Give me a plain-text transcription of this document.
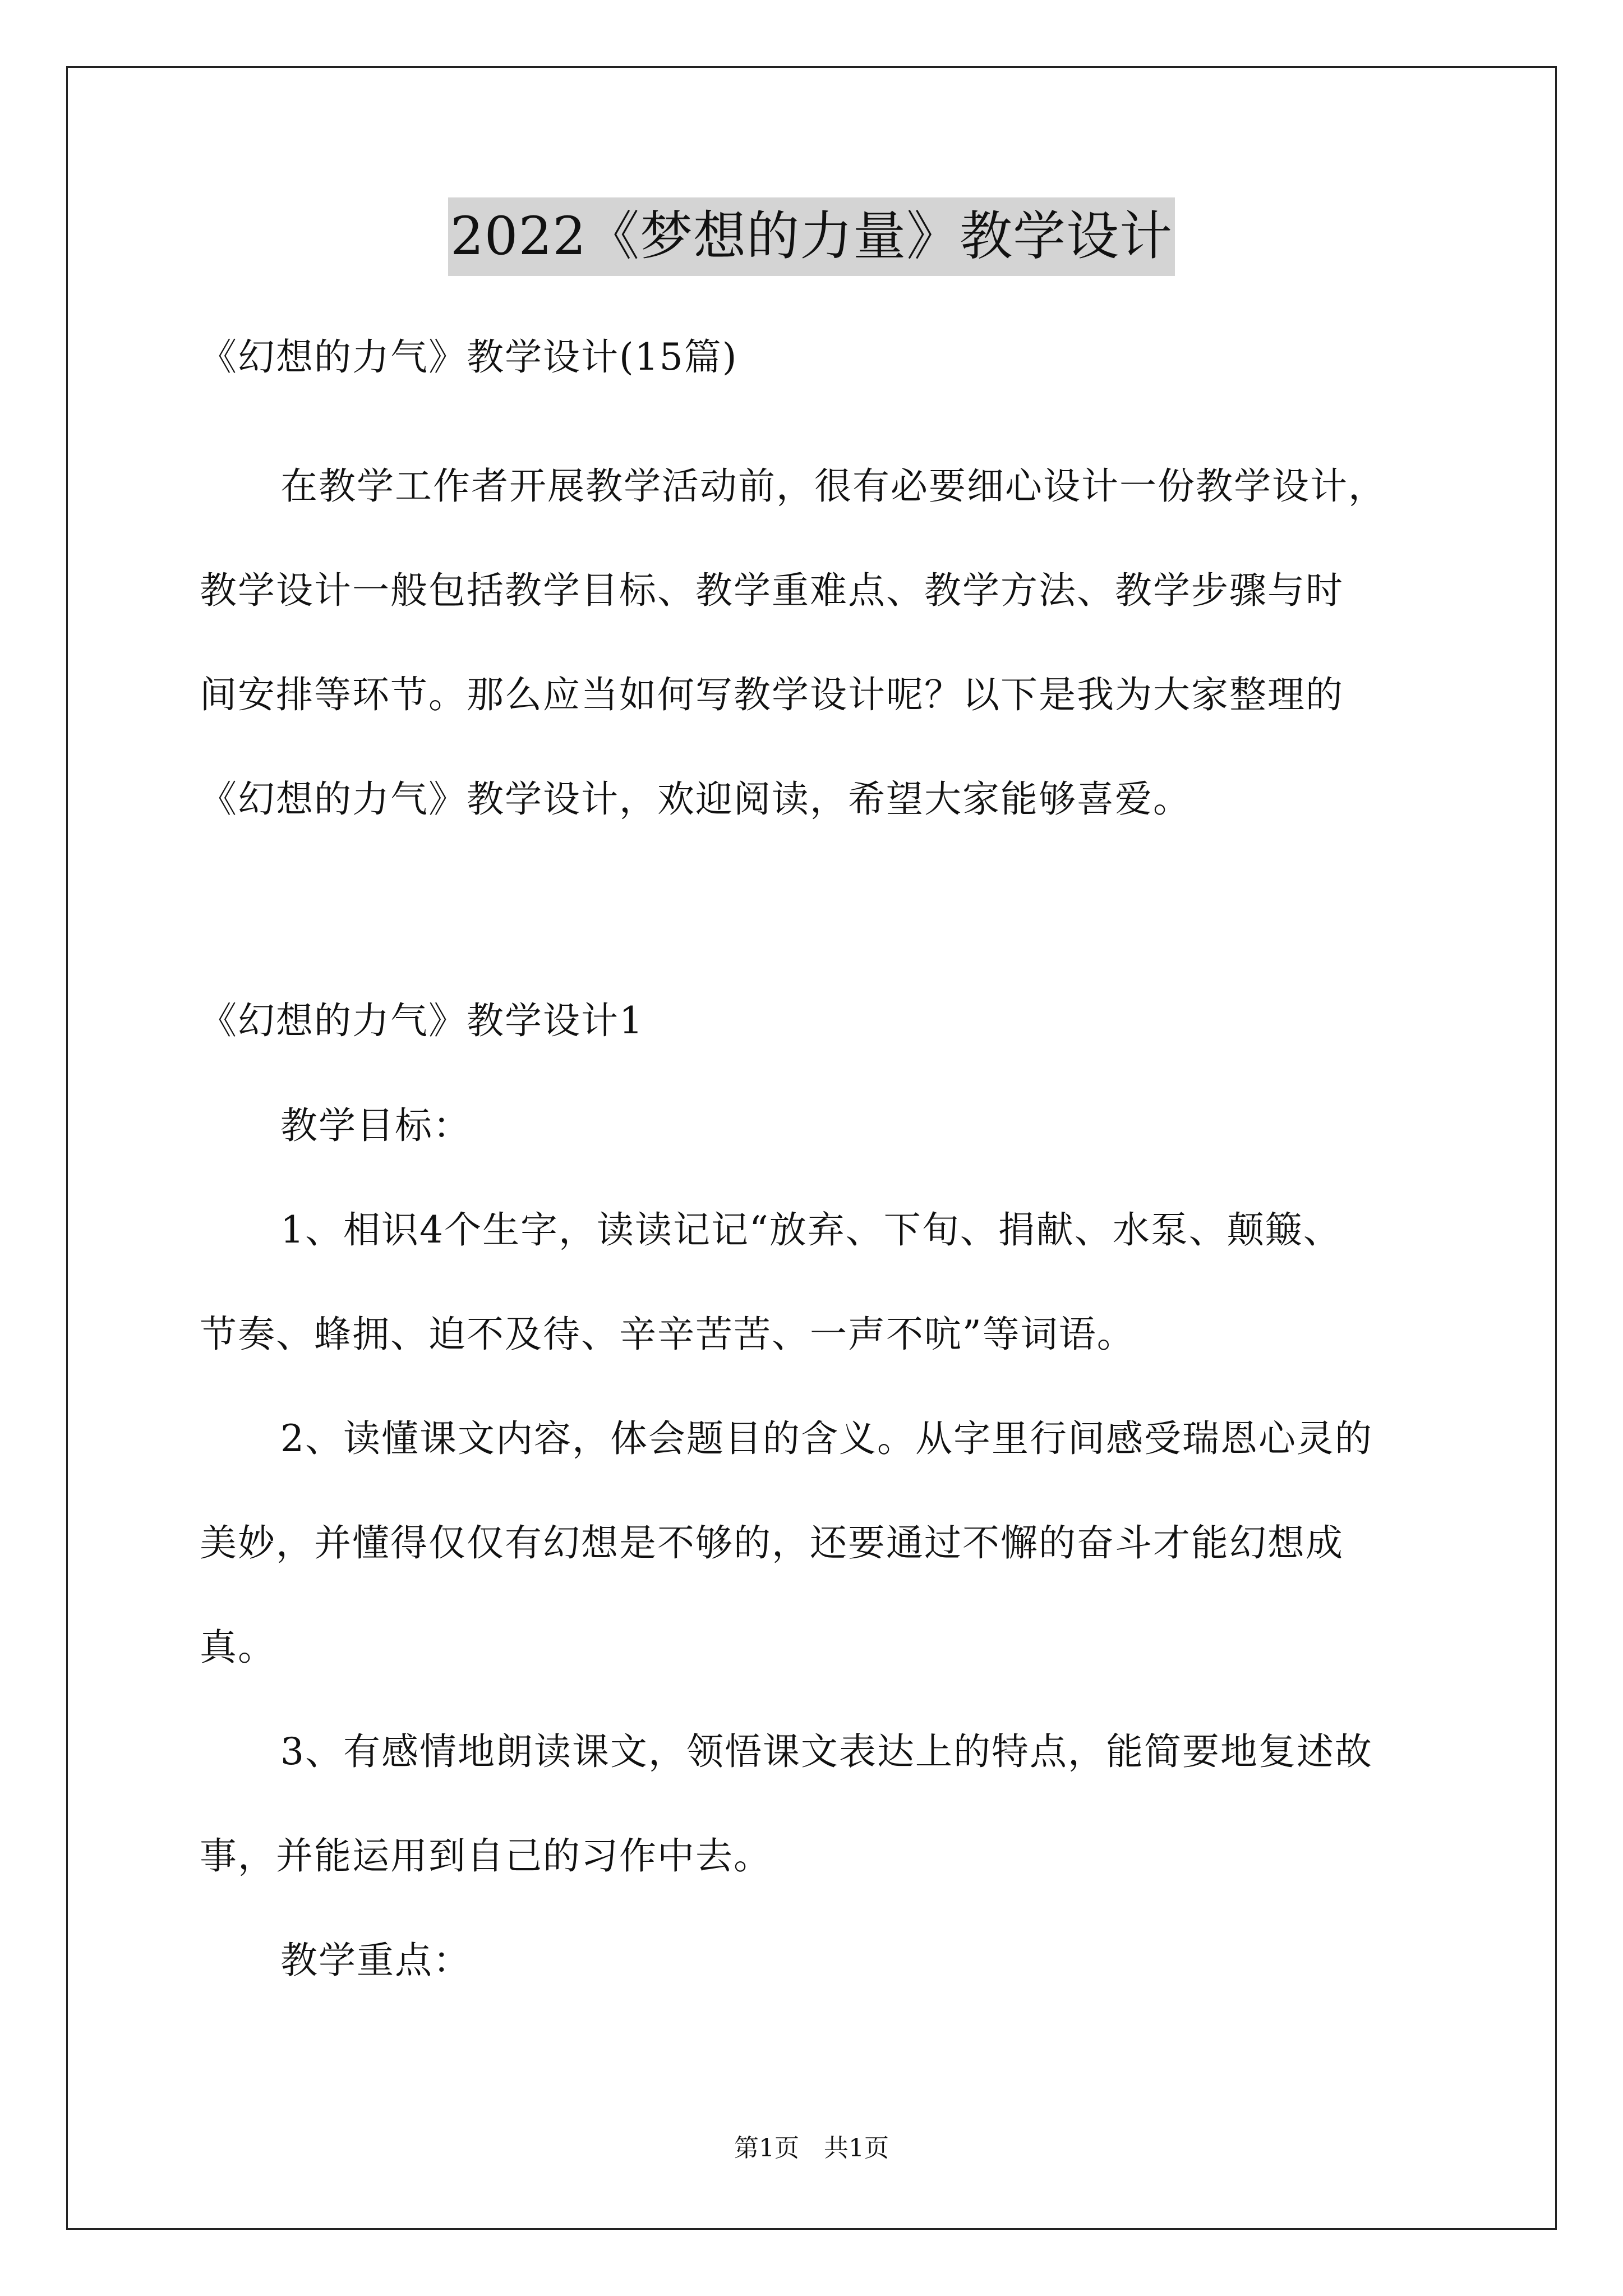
2022《梦想的力量》教学设计
《幻想的力气》教学设计(15篇)
在教学工作者开展教学活动前，很有必要细心设计一份教学设计，
教学设计一般包括教学目标、教学重难点、教学方法、教学步骤与时
间安排等环节。那么应当如何写教学设计呢？以下是我为大家整理的
《幻想的力气》教学设计，欢迎阅读，希望大家能够喜爱。
《幻想的力气》教学设计1
教学目标：
1、相识4个生字，读读记记“放弃、下旬、捐献、水泵、颠簸、
节奏、蜂拥、迫不及待、辛辛苦苦、一声不吭”等词语。
2、读懂课文内容，体会题目的含义。从字里行间感受瑞恩心灵的
美妙，并懂得仅仅有幻想是不够的，还要通过不懈的奋斗才能幻想成
真。
3、有感情地朗读课文，领悟课文表达上的特点，能简要地复述故
事，并能运用到自己的习作中去。
教学重点：
第1页　共1页
